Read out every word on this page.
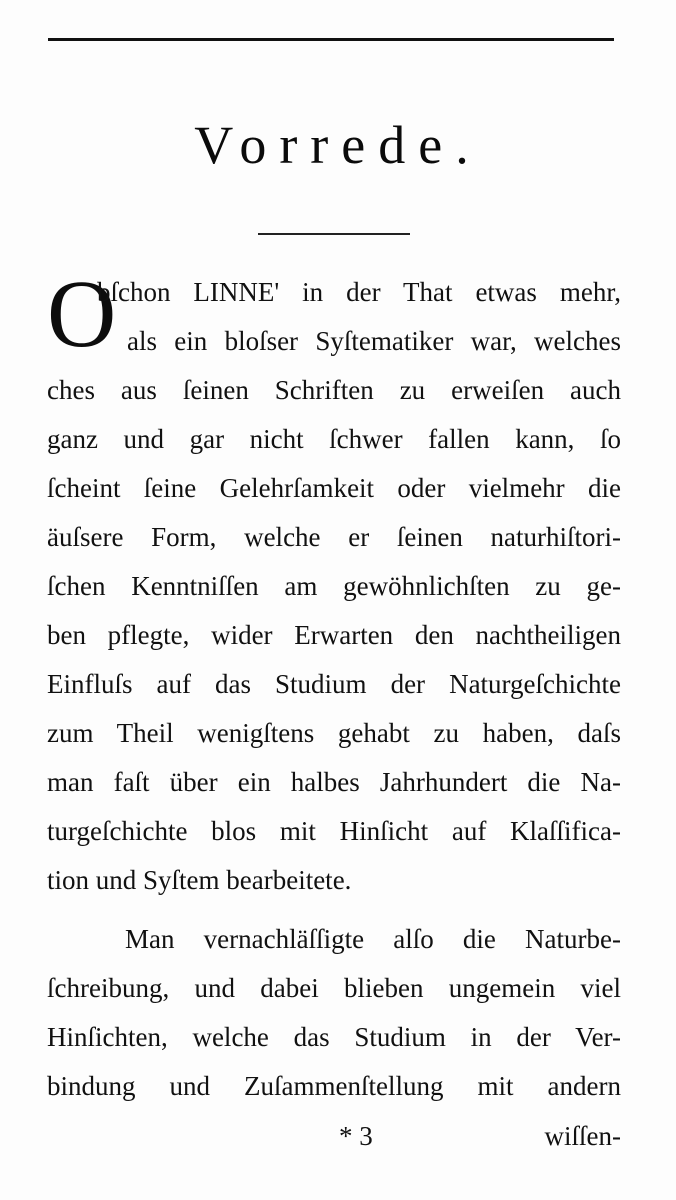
Vorrede.
O
bſchon LINNE' in der That etwas mehr,
als ein bloſser Syſtematiker war, welches
ches aus ſeinen Schriften zu erweiſen auch
ganz und gar nicht ſchwer fallen kann, ſo
ſcheint ſeine Gelehrſamkeit oder vielmehr die
äuſsere Form, welche er ſeinen naturhiſtori-
ſchen Kenntniſſen am gewöhnlichſten zu ge-
ben pflegte, wider Erwarten den nachtheiligen
Einfluſs auf das Studium der Naturgeſchichte
zum Theil wenigſtens gehabt zu haben, daſs
man faſt über ein halbes Jahrhundert die Na-
turgeſchichte blos mit Hinſicht auf Klaſſifica-
tion und Syſtem bearbeitete.
Man vernachläſſigte alſo die Naturbe-
ſchreibung, und dabei blieben ungemein viel
Hinſichten, welche das Studium in der Ver-
bindung und Zuſammenſtellung mit andern
* 3	wiſſen-
